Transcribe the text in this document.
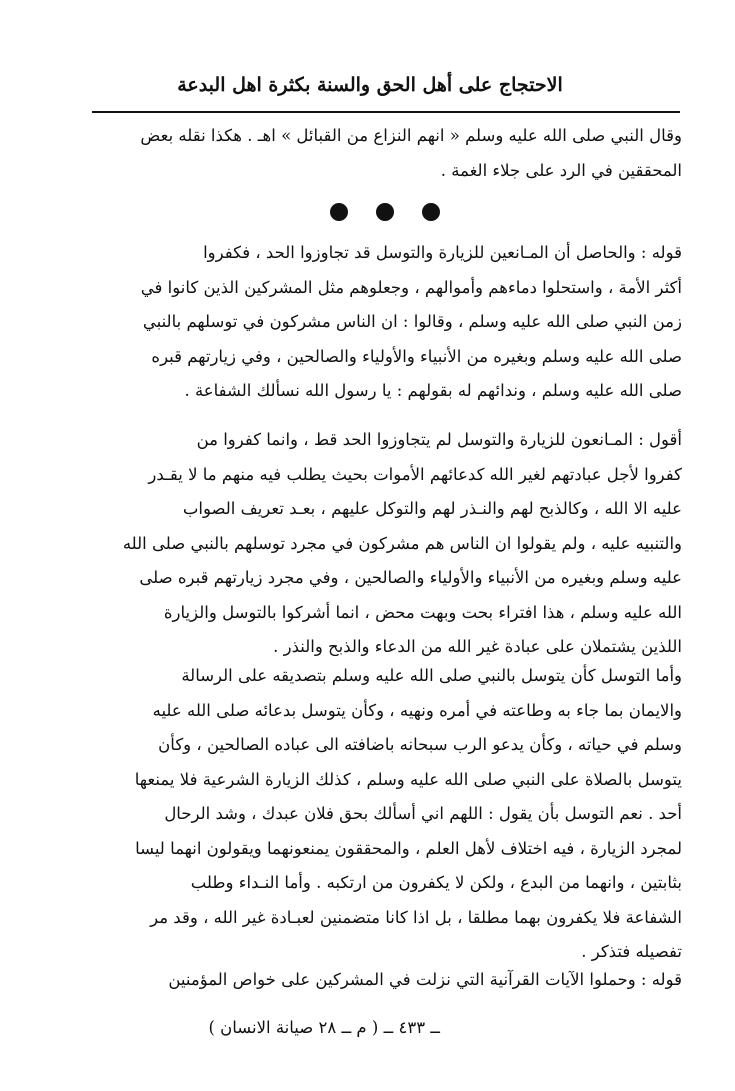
الاحتجاج على أهل الحق والسنة بكثرة اهل البدعة

وقال النبي صلى الله عليه وسلم « انهم النزاع من القبائل » اهـ . هكذا نقله بعض
المحققين في الرد على جلاء الغمة .

قوله : والحاصل أن المـانعين للزيارة والتوسل قد تجاوزوا الحد ، فكفروا
أكثر الأمة ، واستحلوا دماءهم وأموالهم ، وجعلوهم مثل المشركين الذين كانوا في
زمن النبي صلى الله عليه وسلم ، وقالوا : ان الناس مشركون في توسلهم بالنبي
صلى الله عليه وسلم وبغيره من الأنبياء والأولياء والصالحين ، وفي زيارتهم قبره
صلى الله عليه وسلم ، وندائهم له بقولهم : يا رسول الله نسألك الشفاعة .

أقول : المـانعون للزيارة والتوسل لم يتجاوزوا الحد قط ، وانما كفروا من
كفروا لأجل عبادتهم لغير الله كدعائهم الأموات بحيث يطلب فيه منهم ما لا يقـدر
عليه الا الله ، وكالذبح لهم والنـذر لهم والتوكل عليهم ، بعـد تعريف الصواب
والتنبيه عليه ، ولم يقولوا ان الناس هم مشركون في مجرد توسلهم بالنبي صلى الله
عليه وسلم وبغيره من الأنبياء والأولياء والصالحين ، وفي مجرد زيارتهم قبره صلى
الله عليه وسلم ، هذا افتراء بحت وبهت محض ، انما أشركوا بالتوسل والزيارة
اللذين يشتملان على عبادة غير الله من الدعاء والذبح والنذر .

وأما التوسل كأن يتوسل بالنبي صلى الله عليه وسلم بتصديقه على الرسالة
والايمان بما جاء به وطاعته في أمره ونهيه ، وكأن يتوسل بدعائه صلى الله عليه
وسلم في حياته ، وكأن يدعو الرب سبحانه باضافته الى عباده الصالحين ، وكأن
يتوسل بالصلاة على النبي صلى الله عليه وسلم ، كذلك الزيارة الشرعية فلا يمنعها
أحد . نعم التوسل بأن يقول : اللهم اني أسألك بحق فلان عبدك ، وشد الرحال
لمجرد الزيارة ، فيه اختلاف لأهل العلم ، والمحققون يمنعونهما ويقولون انهما ليسا
بثابتين ، وانهما من البدع ، ولكن لا يكفرون من ارتكبه . وأما النـداء وطلب
الشفاعة فلا يكفرون بهما مطلقا ، بل اذا كانا متضمنين لعبـادة غير الله ، وقد مر
تفصيله فتذكر .

قوله : وحملوا الآيات القرآنية التي نزلت في المشركين على خواص المؤمنين

ــ ٤٣٣ ــ ( م ــ ٢٨ صيانة الانسان )
